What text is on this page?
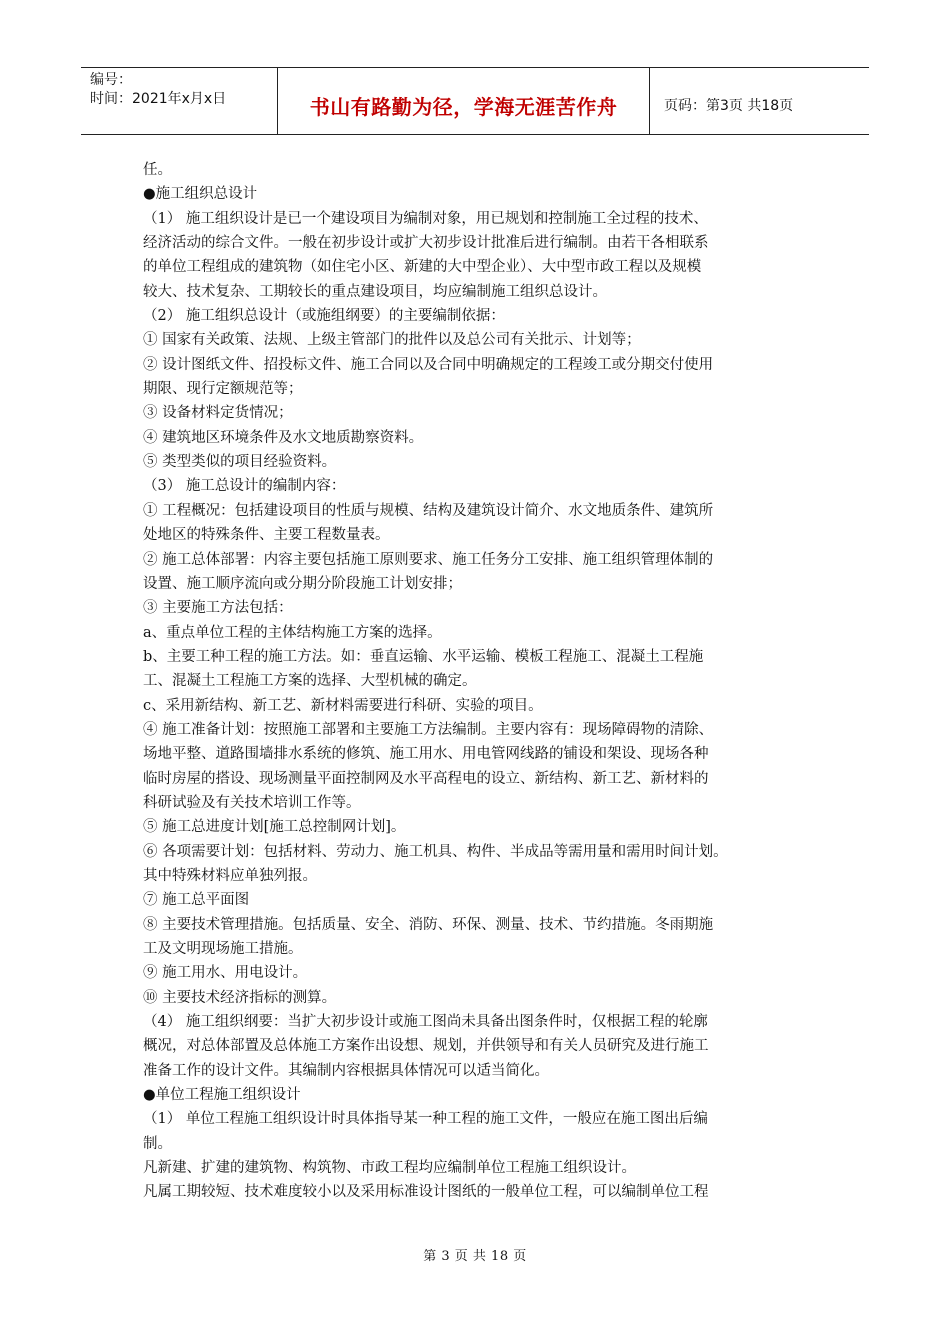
编号：
时间：2021年x月x日	书山有路勤为径，学海无涯苦作舟	页码：第3页 共18页
任。
●施工组织总设计
（1） 施工组织设计是已一个建设项目为编制对象，用已规划和控制施工全过程的技术、
经济活动的综合文件。一般在初步设计或扩大初步设计批准后进行编制。由若干各相联系
的单位工程组成的建筑物（如住宅小区、新建的大中型企业）、大中型市政工程以及规模
较大、技术复杂、工期较长的重点建设项目，均应编制施工组织总设计。
（2） 施工组织总设计（或施组纲要）的主要编制依据：
① 国家有关政策、法规、上级主管部门的批件以及总公司有关批示、计划等；
② 设计图纸文件、招投标文件、施工合同以及合同中明确规定的工程竣工或分期交付使用
期限、现行定额规范等；
③ 设备材料定货情况；
④ 建筑地区环境条件及水文地质勘察资料。
⑤ 类型类似的项目经验资料。
（3） 施工总设计的编制内容：
① 工程概况：包括建设项目的性质与规模、结构及建筑设计简介、水文地质条件、建筑所
处地区的特殊条件、主要工程数量表。
② 施工总体部署：内容主要包括施工原则要求、施工任务分工安排、施工组织管理体制的
设置、施工顺序流向或分期分阶段施工计划安排；
③ 主要施工方法包括：
a、重点单位工程的主体结构施工方案的选择。
b、主要工种工程的施工方法。如：垂直运输、水平运输、模板工程施工、混凝土工程施
工、混凝土工程施工方案的选择、大型机械的确定。
c、采用新结构、新工艺、新材料需要进行科研、实验的项目。
④ 施工准备计划：按照施工部署和主要施工方法编制。主要内容有：现场障碍物的清除、
场地平整、道路围墙排水系统的修筑、施工用水、用电管网线路的铺设和架设、现场各种
临时房屋的搭设、现场测量平面控制网及水平高程电的设立、新结构、新工艺、新材料的
科研试验及有关技术培训工作等。
⑤ 施工总进度计划[施工总控制网计划]。
⑥ 各项需要计划：包括材料、劳动力、施工机具、构件、半成品等需用量和需用时间计划。
其中特殊材料应单独列报。
⑦ 施工总平面图
⑧ 主要技术管理措施。包括质量、安全、消防、环保、测量、技术、节约措施。冬雨期施
工及文明现场施工措施。
⑨ 施工用水、用电设计。
⑩ 主要技术经济指标的测算。
（4） 施工组织纲要：当扩大初步设计或施工图尚未具备出图条件时，仅根据工程的轮廓
概况，对总体部置及总体施工方案作出设想、规划，并供领导和有关人员研究及进行施工
准备工作的设计文件。其编制内容根据具体情况可以适当简化。
●单位工程施工组织设计
（1） 单位工程施工组织设计时具体指导某一种工程的施工文件，一般应在施工图出后编
制。
凡新建、扩建的建筑物、构筑物、市政工程均应编制单位工程施工组织设计。
凡属工期较短、技术难度较小以及采用标准设计图纸的一般单位工程，可以编制单位工程
第 3 页 共 18 页
